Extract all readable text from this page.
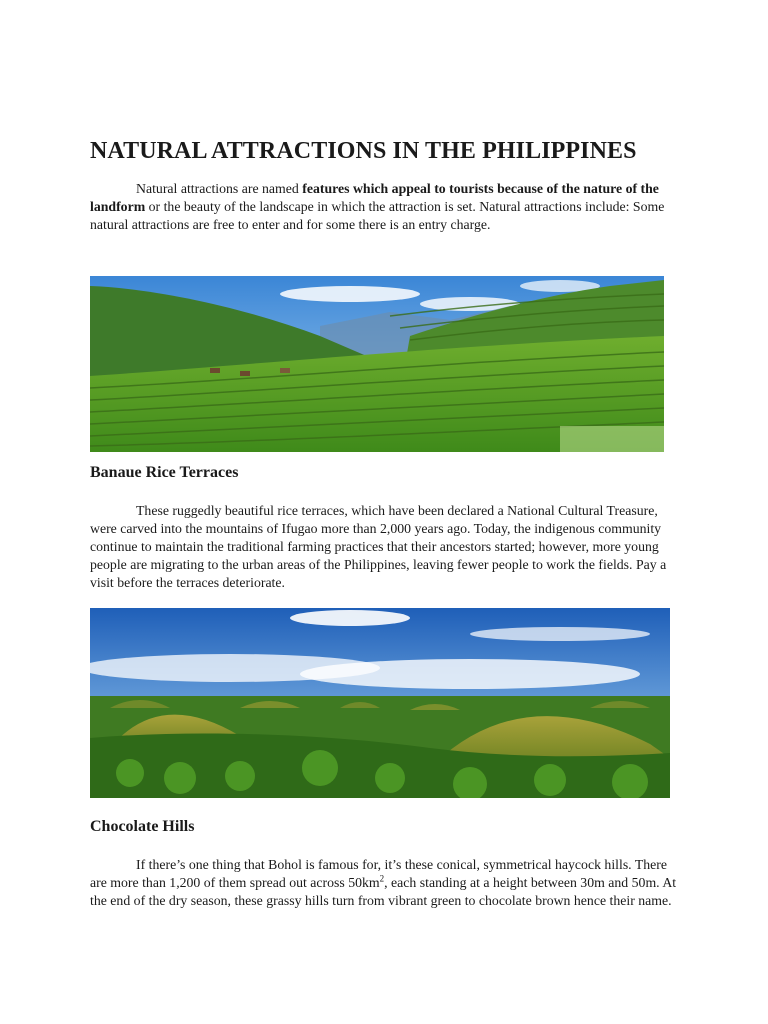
NATURAL ATTRACTIONS IN THE PHILIPPINES

Natural attractions are named features which appeal to tourists because of the nature of the landform or the beauty of the landscape in which the attraction is set. Natural attractions include: Some natural attractions are free to enter and for some there is an entry charge.

Banaue Rice Terraces

These ruggedly beautiful rice terraces, which have been declared a National Cultural Treasure, were carved into the mountains of Ifugao more than 2,000 years ago. Today, the indigenous community continue to maintain the traditional farming practices that their ancestors started; however, more young people are migrating to the urban areas of the Philippines, leaving fewer people to work the fields. Pay a visit before the terraces deteriorate.

Chocolate Hills

If there’s one thing that Bohol is famous for, it’s these conical, symmetrical haycock hills. There are more than 1,200 of them spread out across $50km^2$, each standing at a height between 30m and 50m. At the end of the dry season, these grassy hills turn from vibrant green to chocolate brown hence their name.
